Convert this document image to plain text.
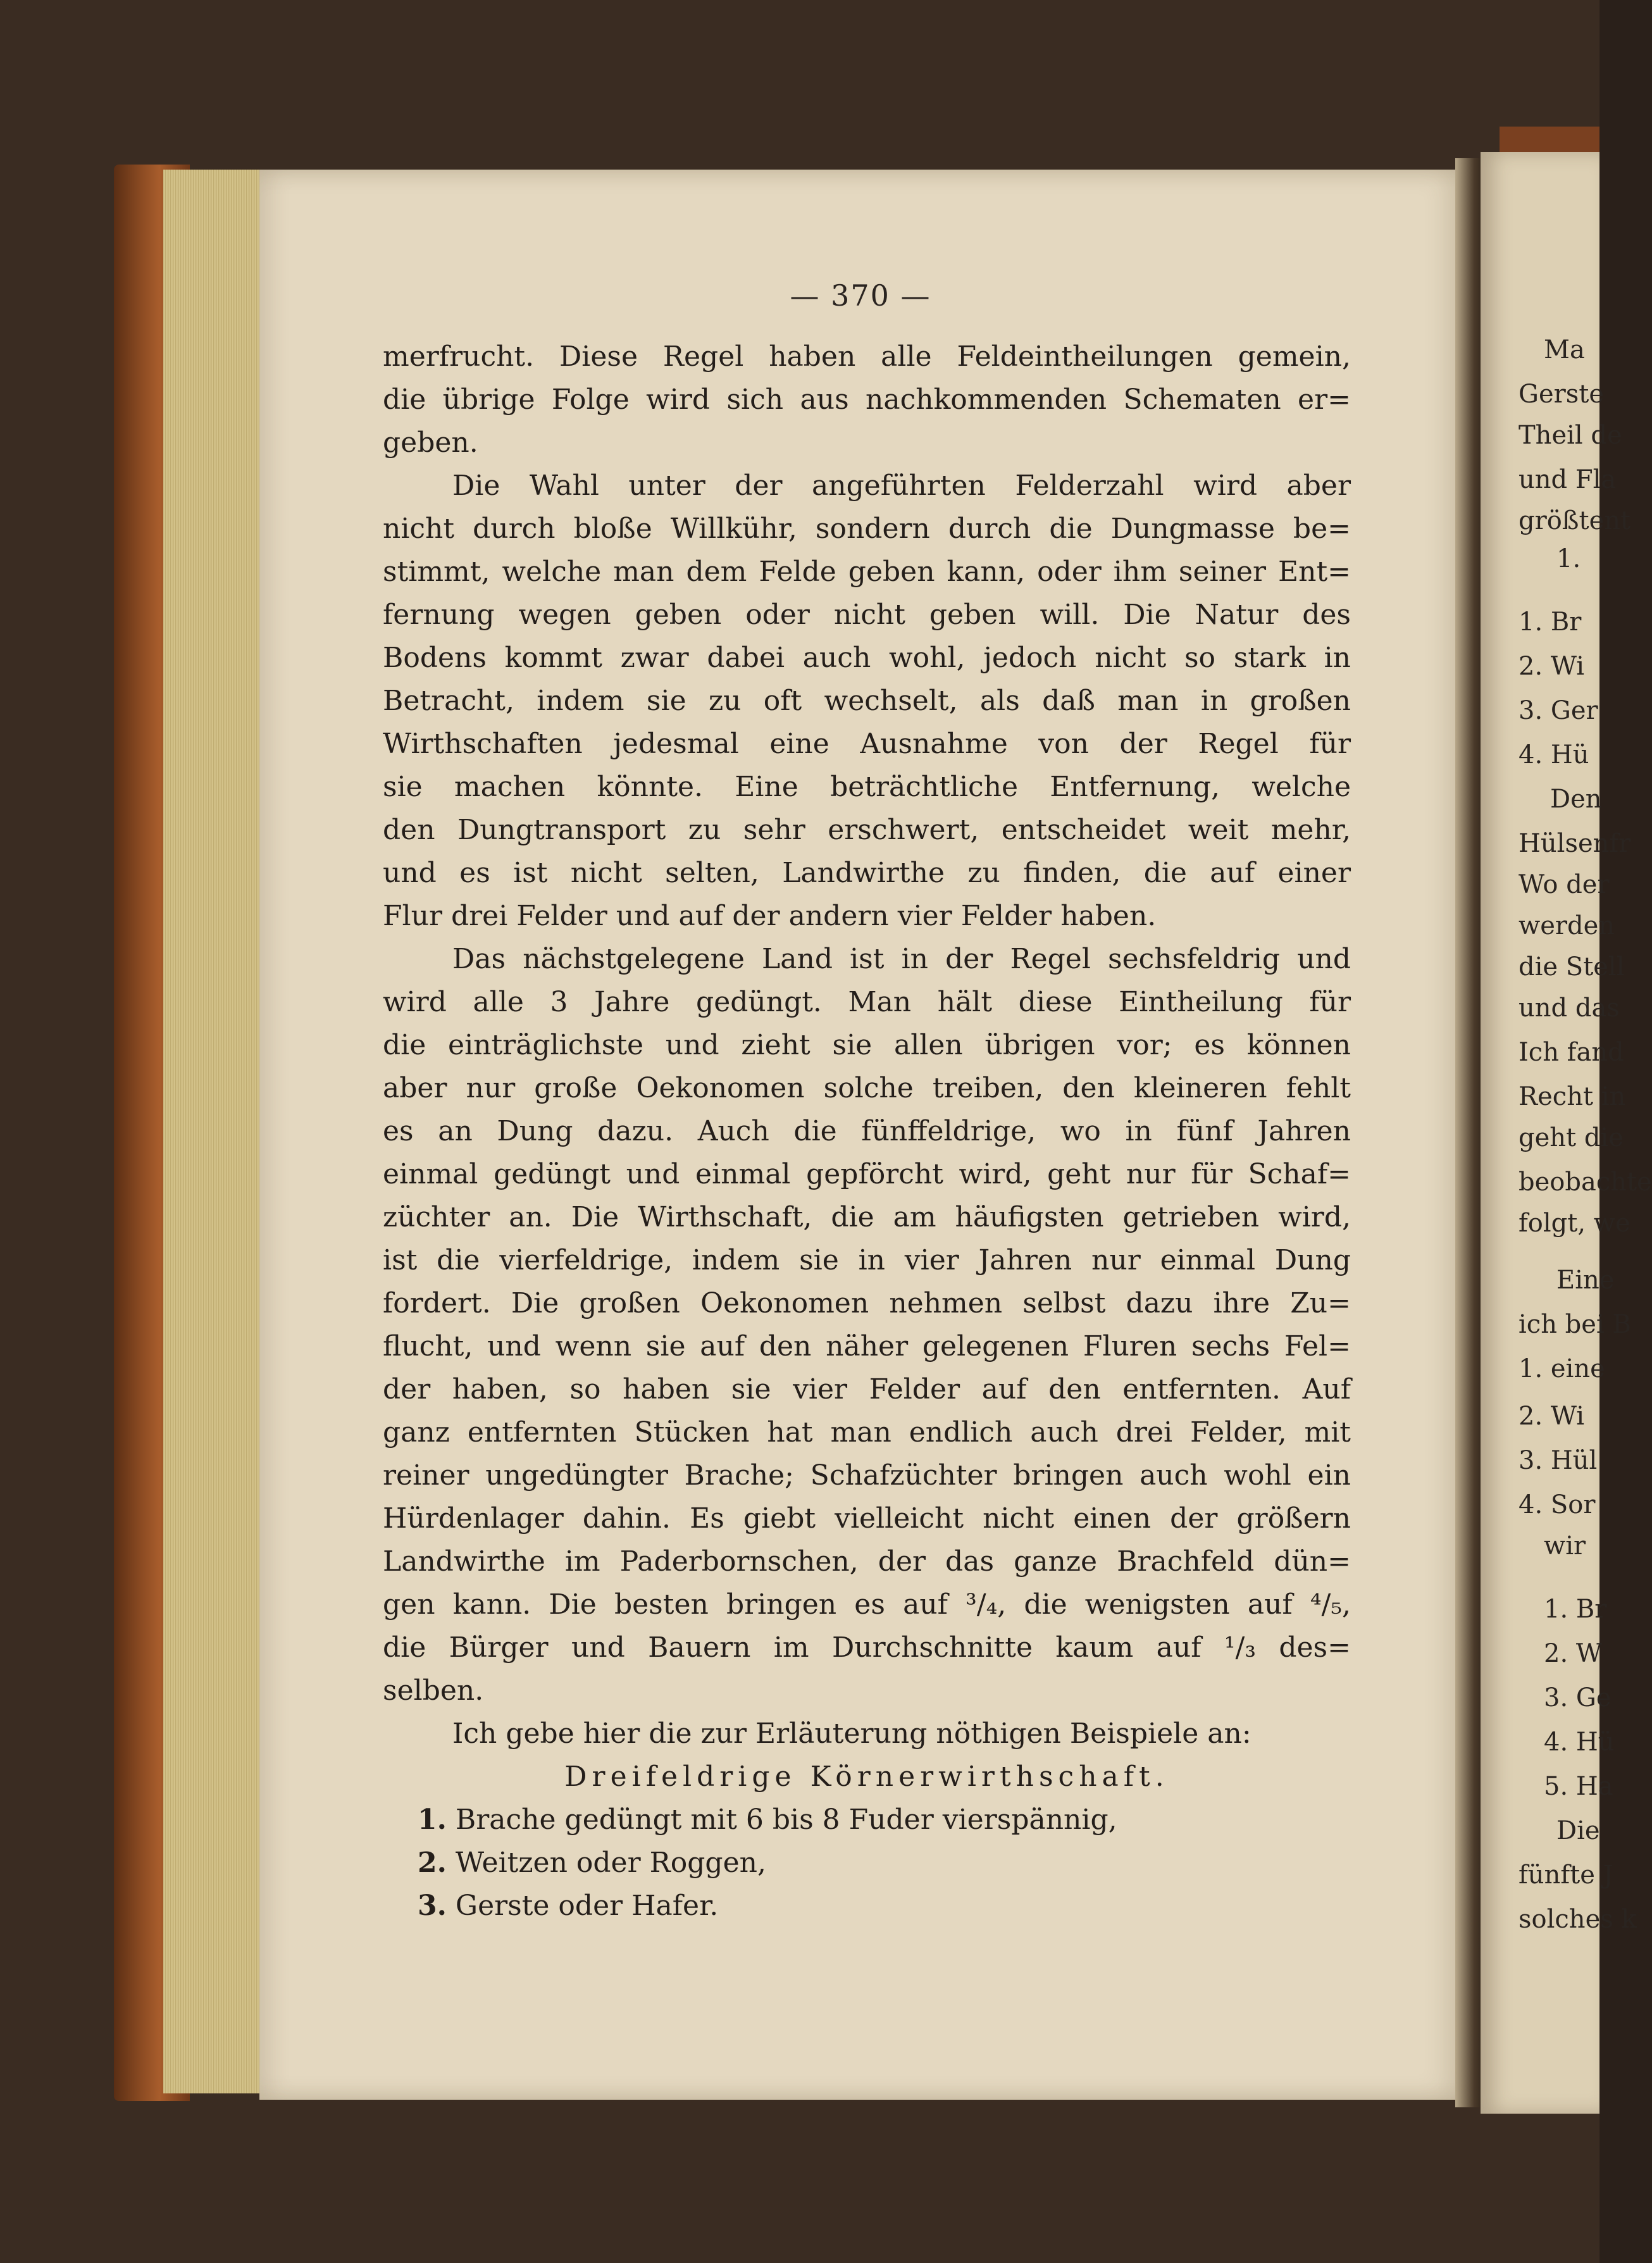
Ma
Gerste
Theil de
und Fla
größtent
1.
1. Br
2. Wi
3. Ger
4. Hü
Den
Hülsenfr
Wo der
werden
die Stell
und das
Ich fand
Recht in
geht die
beobachte
folgt, we
Eine
ich bei B
1. eine
2. Wi
3. Hül
4. Sor
wir
1. Br
2. W
3. Ge
4. Hü
5. Ha
Die
fünfte J
solches k
— 370 —
merfrucht. Diese Regel haben alle Feldeintheilungen gemein,
die übrige Folge wird sich aus nachkommenden Schematen er=
geben.
Die Wahl unter der angeführten Felderzahl wird aber
nicht durch bloße Willkühr, sondern durch die Dungmasse be=
stimmt, welche man dem Felde geben kann, oder ihm seiner Ent=
fernung wegen geben oder nicht geben will. Die Natur des
Bodens kommt zwar dabei auch wohl, jedoch nicht so stark in
Betracht, indem sie zu oft wechselt, als daß man in großen
Wirthschaften jedesmal eine Ausnahme von der Regel für
sie machen könnte. Eine beträchtliche Entfernung, welche
den Dungtransport zu sehr erschwert, entscheidet weit mehr,
und es ist nicht selten, Landwirthe zu finden, die auf einer
Flur drei Felder und auf der andern vier Felder haben.
Das nächstgelegene Land ist in der Regel sechsfeldrig und
wird alle 3 Jahre gedüngt. Man hält diese Eintheilung für
die einträglichste und zieht sie allen übrigen vor; es können
aber nur große Oekonomen solche treiben, den kleineren fehlt
es an Dung dazu. Auch die fünffeldrige, wo in fünf Jahren
einmal gedüngt und einmal gepförcht wird, geht nur für Schaf=
züchter an. Die Wirthschaft, die am häufigsten getrieben wird,
ist die vierfeldrige, indem sie in vier Jahren nur einmal Dung
fordert. Die großen Oekonomen nehmen selbst dazu ihre Zu=
flucht, und wenn sie auf den näher gelegenen Fluren sechs Fel=
der haben, so haben sie vier Felder auf den entfernten. Auf
ganz entfernten Stücken hat man endlich auch drei Felder, mit
reiner ungedüngter Brache; Schafzüchter bringen auch wohl ein
Hürdenlager dahin. Es giebt vielleicht nicht einen der größern
Landwirthe im Paderbornschen, der das ganze Brachfeld dün=
gen kann. Die besten bringen es auf ³/₄, die wenigsten auf ⁴/₅,
die Bürger und Bauern im Durchschnitte kaum auf ¹/₃ des=
selben.
Ich gebe hier die zur Erläuterung nöthigen Beispiele an:
Dreifeldrige Körnerwirthschaft.
1. Brache gedüngt mit 6 bis 8 Fuder vierspännig,
2. Weitzen oder Roggen,
3. Gerste oder Hafer.
